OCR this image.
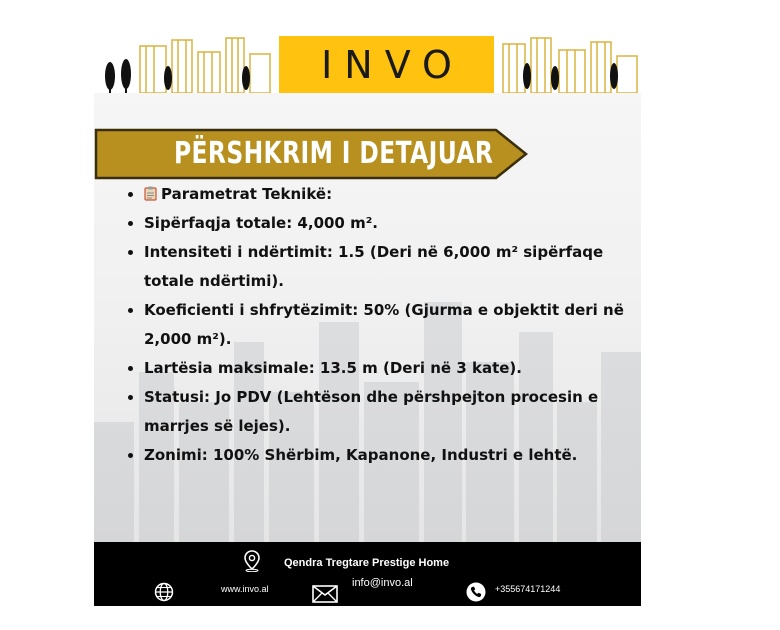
INVO
PËRSHKRIM I DETAJUAR
• Parametrat Teknikë:
• Sipërfaqja totale: 4,000 m².
• Intensiteti i ndërtimit: 1.5 (Deri në 6,000 m² sipërfaqe totale ndërtimi).
• Koeficienti i shfrytëzimit: 50% (Gjurma e objektit deri në 2,000 m²).
• Lartësia maksimale: 13.5 m (Deri në 3 kate).
• Statusi: Jo PDV (Lehtëson dhe përshpejton procesin e marrjes së lejes).
• Zonimi: 100% Shërbim, Kapanone, Industri e lehtë.
Qendra Tregtare Prestige Home
www.invo.al	info@invo.al	+355674171244
